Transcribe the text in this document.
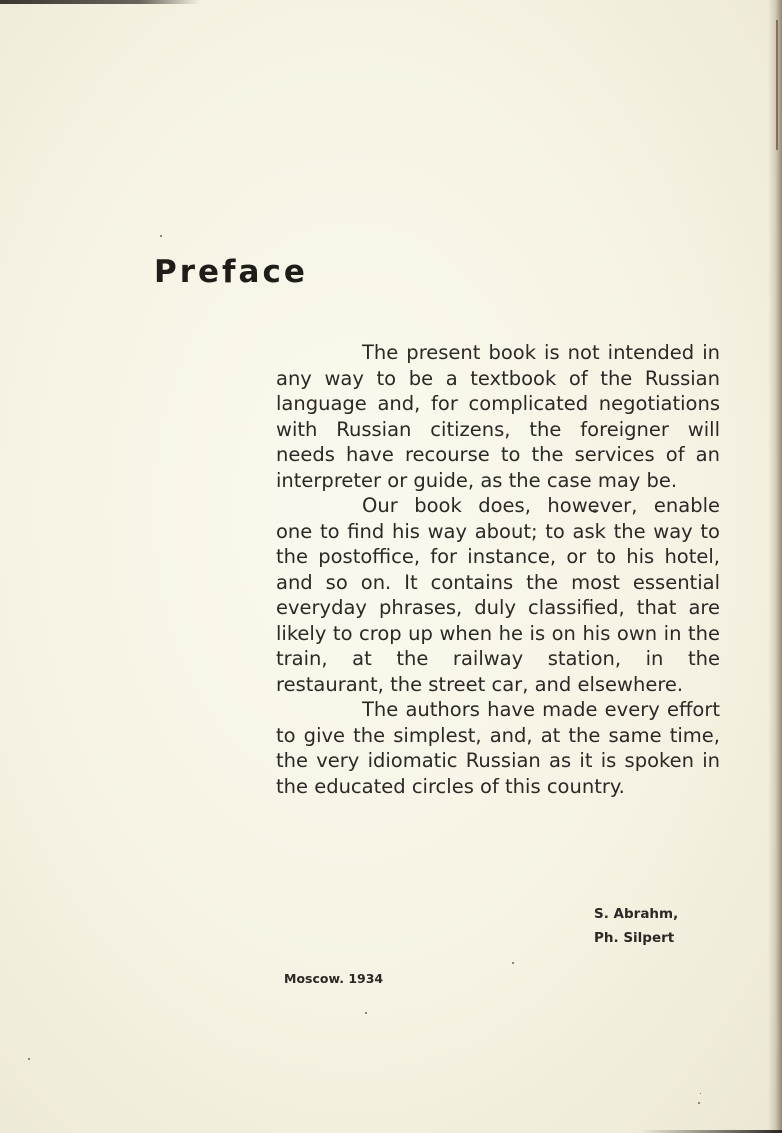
Preface

The present book is not intended in any way to be a textbook of the Russian language and, for complicated negotiations with Russian citizens, the foreigner will needs have recourse to the services of an interpreter or guide, as the case may be.

Our book does, however, enable one to find his way about; to ask the way to the postoffice, for instance, or to his hotel, and so on. It contains the most essential everyday phrases, duly classified, that are likely to crop up when he is on his own in the train, at the railway station, in the restaurant, the street car, and elsewhere.

The authors have made every effort to give the simplest, and, at the same time, the very idiomatic Russian as it is spoken in the educated circles of this country.

S. Abrahm,
Ph. Silpert
Moscow. 1934
